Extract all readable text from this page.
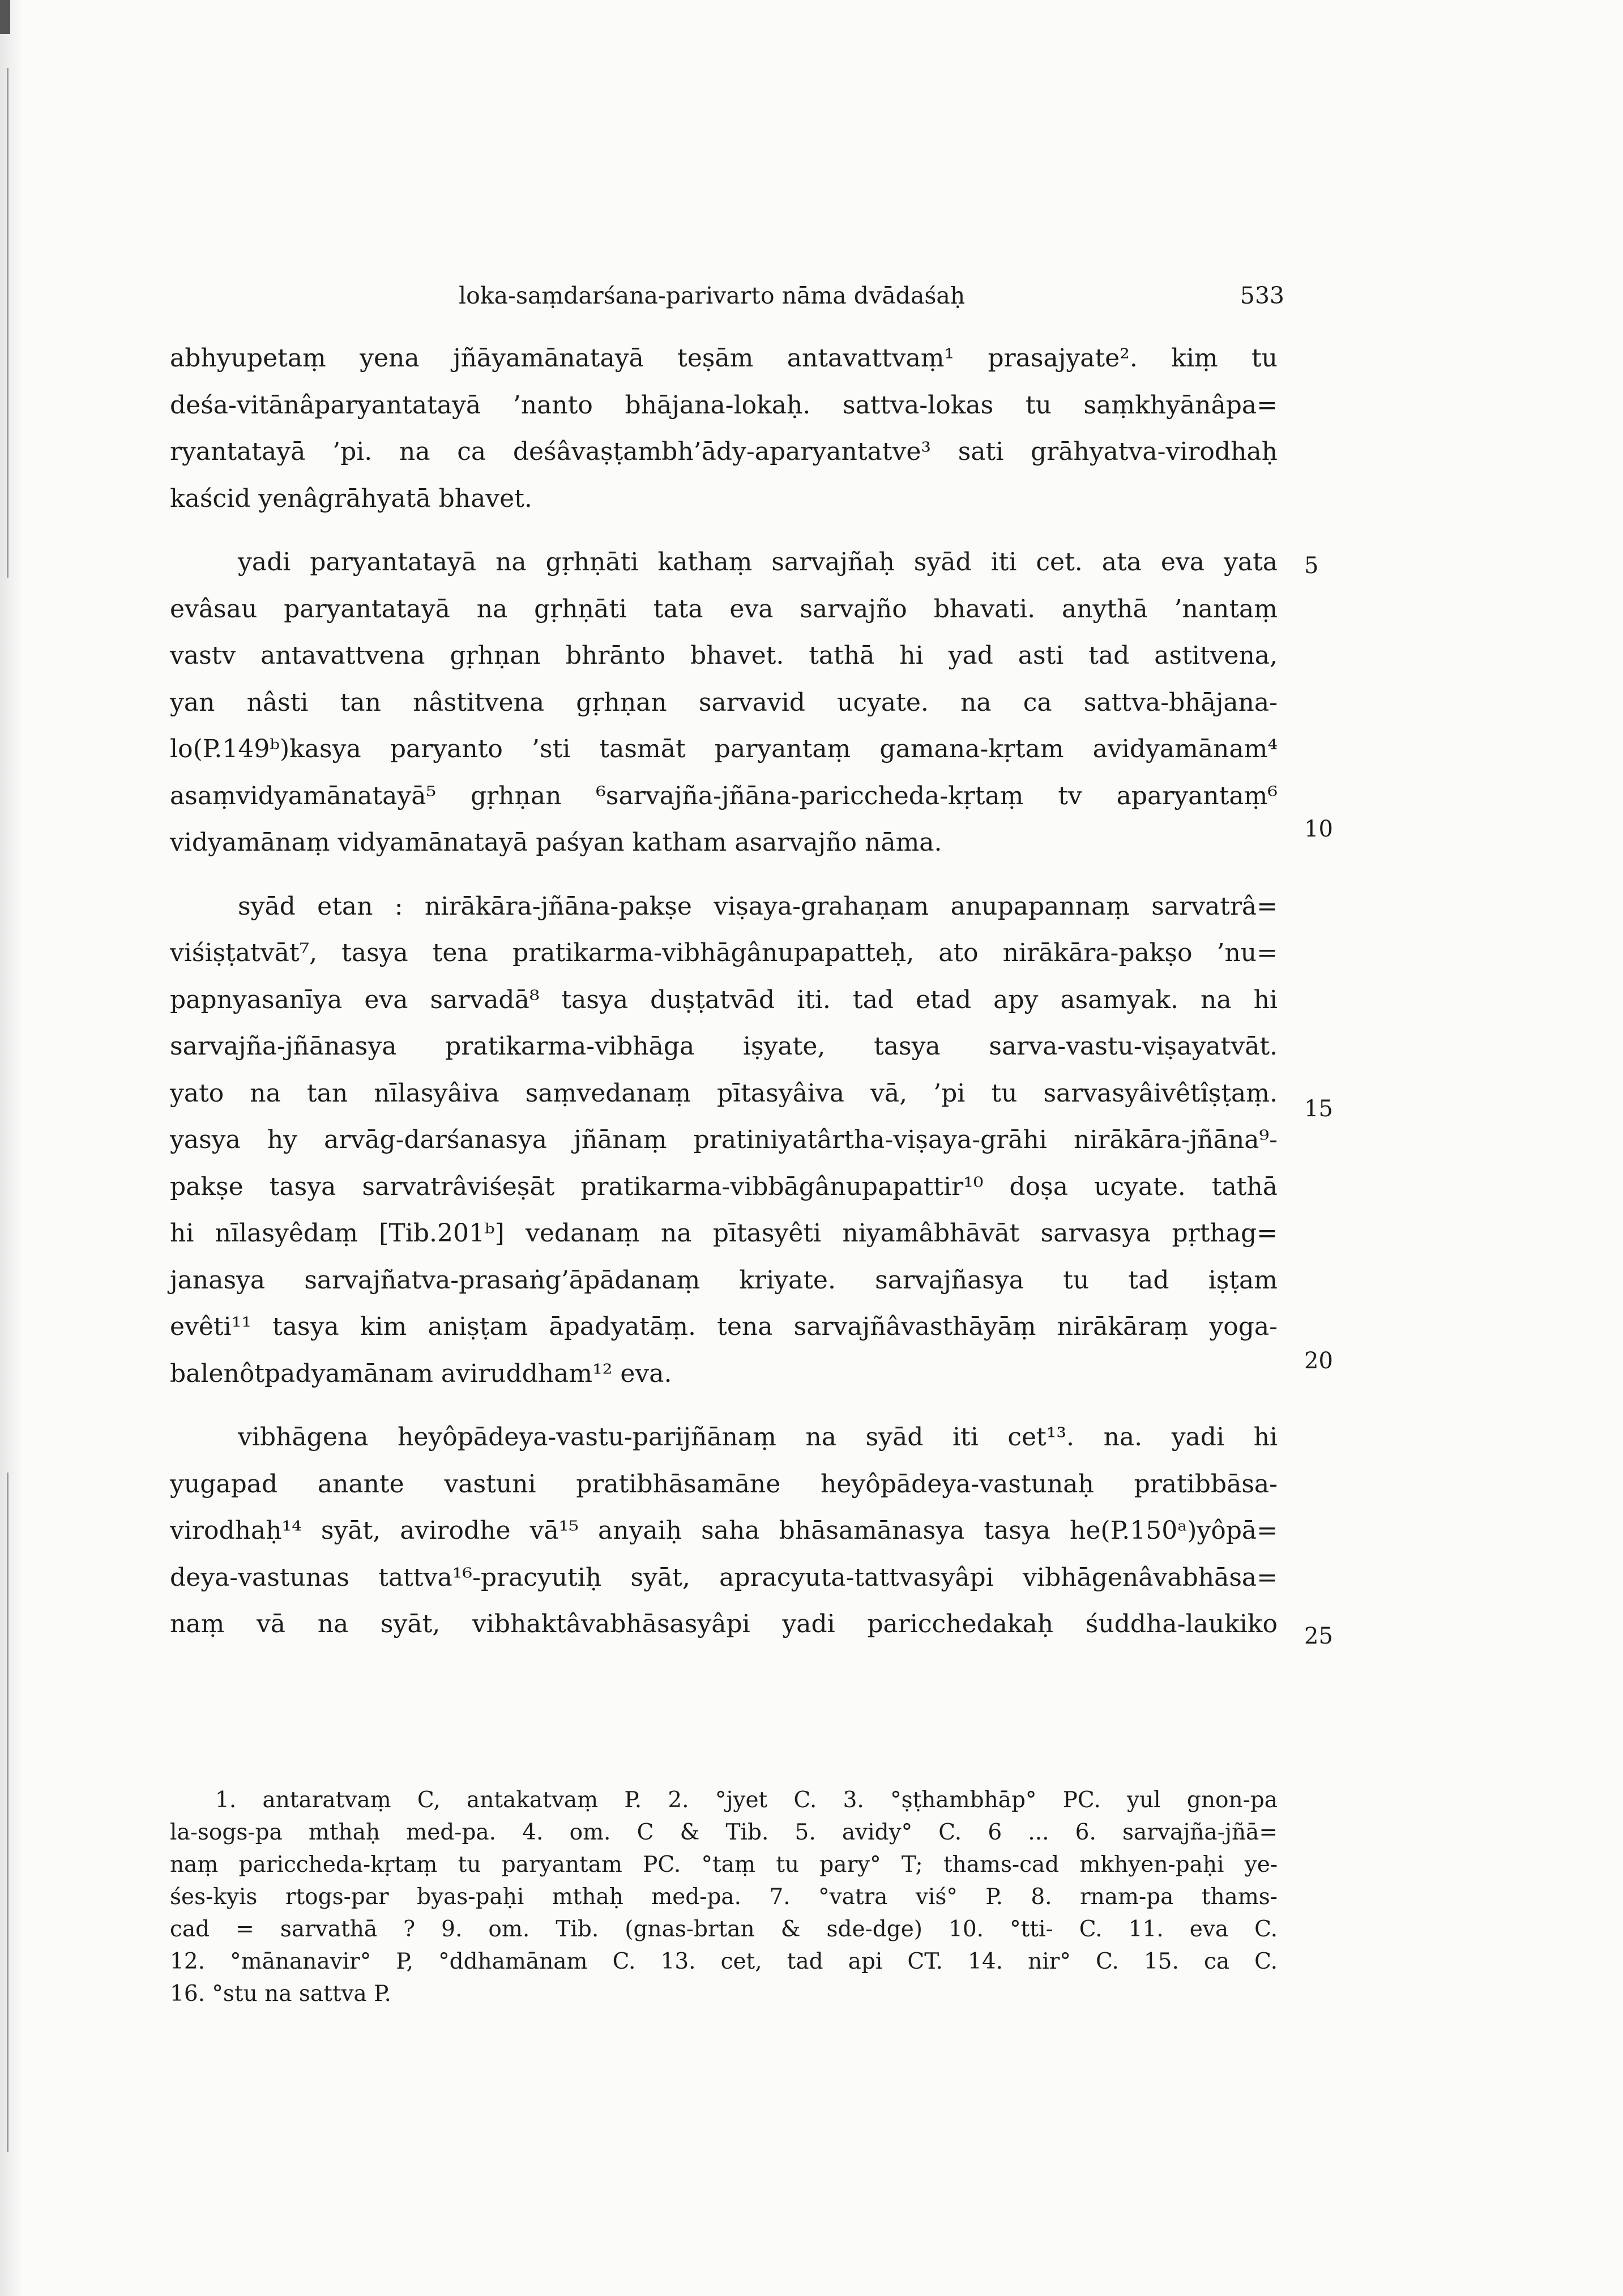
loka-saṃdarśana-parivarto nāma dvādaśaḥ	533

abhyupetaṃ yena jñāyamānatayā teṣām antavattvaṃ¹ prasajyate². kiṃ tu
deśa-vitānâparyantatayā ’nanto bhājana-lokaḥ. sattva-lokas tu saṃkhyānâpa=
ryantatayā ’pi. na ca deśâvaṣṭambh’ādy-aparyantatve³ sati grāhyatva-virodhaḥ
kaścid yenâgrāhyatā bhavet.

yadi paryantatayā na gṛhṇāti kathaṃ sarvajñaḥ syād iti cet. ata eva yata
evâsau paryantatayā na gṛhṇāti tata eva sarvajño bhavati. anythā ’nantaṃ
vastv antavattvena gṛhṇan bhrānto bhavet. tathā hi yad asti tad astitvena,
yan nâsti tan nâstitvena gṛhṇan sarvavid ucyate. na ca sattva-bhājana-
lo(P.149ᵇ)kasya paryanto ’sti tasmāt paryantaṃ gamana-kṛtam avidyamānam⁴
asaṃvidyamānatayā⁵ gṛhṇan ⁶sarvajña-jñāna-pariccheda-kṛtaṃ tv aparyantaṃ⁶
vidyamānaṃ vidyamānatayā paśyan katham asarvajño nāma.

syād etan : nirākāra-jñāna-pakṣe viṣaya-grahaṇam anupapannaṃ sarvatrâ=
viśiṣṭatvāt⁷, tasya tena pratikarma-vibhāgânupapatteḥ, ato nirākāra-pakṣo ’nu=
papnyasanīya eva sarvadā⁸ tasya duṣṭatvād iti. tad etad apy asamyak. na hi
sarvajña-jñānasya pratikarma-vibhāga iṣyate, tasya sarva-vastu-viṣayatvāt.
yato na tan nīlasyâiva saṃvedanaṃ pītasyâiva vā, ’pi tu sarvasyâivêtîṣṭaṃ.
yasya hy arvāg-darśanasya jñānaṃ pratiniyatârtha-viṣaya-grāhi nirākāra-jñāna⁹-
pakṣe tasya sarvatrâviśeṣāt pratikarma-vibbāgânupapattir¹⁰ doṣa ucyate. tathā
hi nīlasyêdaṃ [Tib.201ᵇ] vedanaṃ na pītasyêti niyamâbhāvāt sarvasya pṛthag=
janasya sarvajñatva-prasaṅg’āpādanaṃ kriyate. sarvajñasya tu tad iṣṭam
evêti¹¹ tasya kim aniṣṭam āpadyatāṃ. tena sarvajñâvasthāyāṃ nirākāraṃ yoga-
balenôtpadyamānam aviruddham¹² eva.

vibhāgena heyôpādeya-vastu-parijñānaṃ na syād iti cet¹³. na. yadi hi
yugapad anante vastuni pratibhāsamāne heyôpādeya-vastunaḥ pratibbāsa-
virodhaḥ¹⁴ syāt, avirodhe vā¹⁵ anyaiḥ saha bhāsamānasya tasya he(P.150ᵃ)yôpā=
deya-vastunas tattva¹⁶-pracyutiḥ syāt, apracyuta-tattvasyâpi vibhāgenâvabhāsa=
naṃ vā na syāt, vibhaktâvabhāsasyâpi yadi paricchedakaḥ śuddha-laukiko

5
10
15
20
25
1. antaratvaṃ C, antakatvaṃ P. 2. °jyet C. 3. °ṣṭhambhāp° PC. yul gnon-pa
la-sogs-pa mthaḥ med-pa. 4. om. C & Tib. 5. avidy° C. 6 ... 6. sarvajña-jñā=
naṃ pariccheda-kṛtaṃ tu paryantam PC. °taṃ tu pary° T; thams-cad mkhyen-paḥi ye-
śes-kyis rtogs-par byas-paḥi mthaḥ med-pa. 7. °vatra viś° P. 8. rnam-pa thams-
cad = sarvathā ? 9. om. Tib. (gnas-brtan & sde-dge) 10. °tti- C. 11. eva C.
12. °mānanavir° P, °ddhamānam C. 13. cet, tad api CT. 14. nir° C. 15. ca C.
16. °stu na sattva P.
